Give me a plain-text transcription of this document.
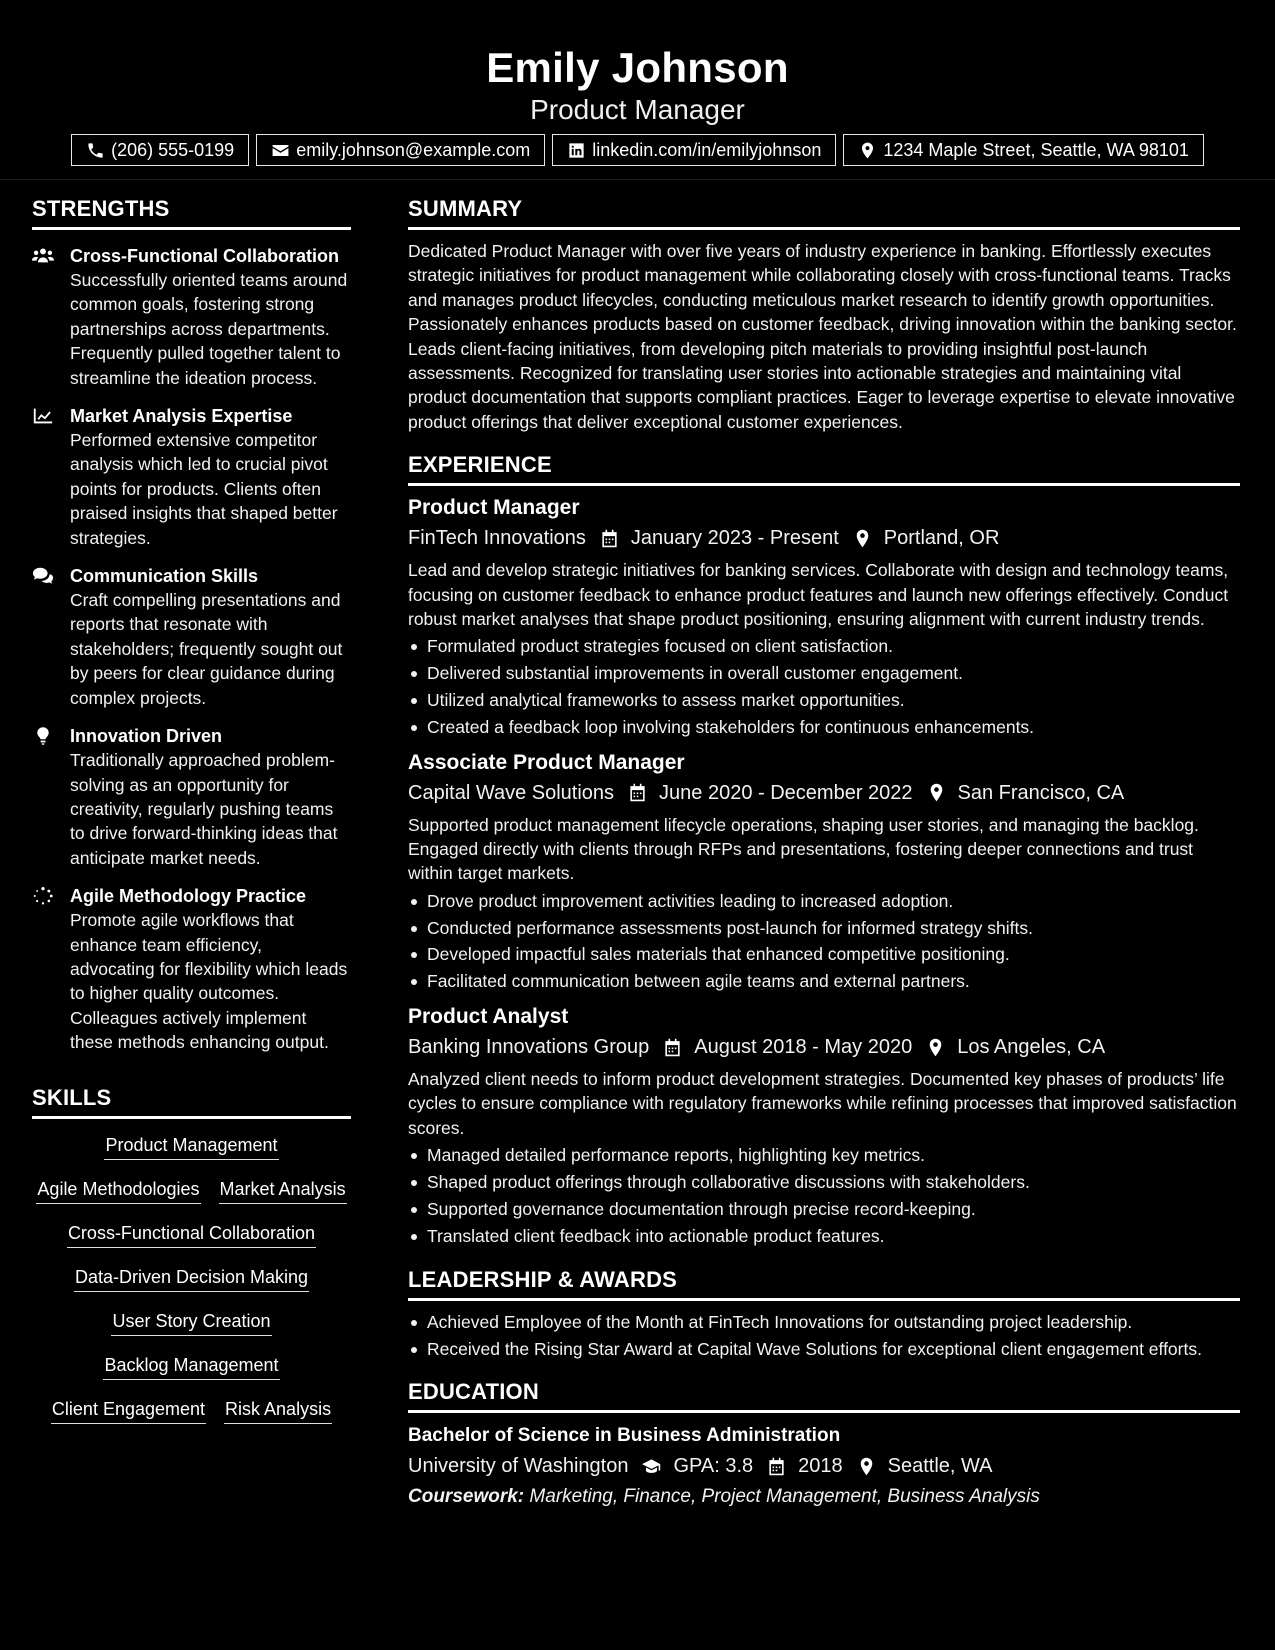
Emily Johnson
Product Manager
(206) 555-0199	emily.johnson@example.com	linkedin.com/in/emilyjohnson	1234 Maple Street, Seattle, WA 98101
STRENGTHS
Cross-Functional Collaboration
Successfully oriented teams around common goals, fostering strong partnerships across departments. Frequently pulled together talent to streamline the ideation process.
Market Analysis Expertise
Performed extensive competitor analysis which led to crucial pivot points for products. Clients often praised insights that shaped better strategies.
Communication Skills
Craft compelling presentations and reports that resonate with stakeholders; frequently sought out by peers for clear guidance during complex projects.
Innovation Driven
Traditionally approached problem-solving as an opportunity for creativity, regularly pushing teams to drive forward-thinking ideas that anticipate market needs.
Agile Methodology Practice
Promote agile workflows that enhance team efficiency, advocating for flexibility which leads to higher quality outcomes. Colleagues actively implement these methods enhancing output.
SKILLS
Product Management
Agile Methodologies Market Analysis
Cross-Functional Collaboration
Data-Driven Decision Making
User Story Creation
Backlog Management
Client Engagement Risk Analysis
SUMMARY
Dedicated Product Manager with over five years of industry experience in banking. Effortlessly executes strategic initiatives for product management while collaborating closely with cross-functional teams. Tracks and manages product lifecycles, conducting meticulous market research to identify growth opportunities. Passionately enhances products based on customer feedback, driving innovation within the banking sector. Leads client-facing initiatives, from developing pitch materials to providing insightful post-launch assessments. Recognized for translating user stories into actionable strategies and maintaining vital product documentation that supports compliant practices. Eager to leverage expertise to elevate innovative product offerings that deliver exceptional customer experiences.
EXPERIENCE
Product Manager
FinTech Innovations January 2023 - Present Portland, OR
Lead and develop strategic initiatives for banking services. Collaborate with design and technology teams, focusing on customer feedback to enhance product features and launch new offerings effectively. Conduct robust market analyses that shape product positioning, ensuring alignment with current industry trends.
Formulated product strategies focused on client satisfaction.
Delivered substantial improvements in overall customer engagement.
Utilized analytical frameworks to assess market opportunities.
Created a feedback loop involving stakeholders for continuous enhancements.
Associate Product Manager
Capital Wave Solutions June 2020 - December 2022 San Francisco, CA
Supported product management lifecycle operations, shaping user stories, and managing the backlog. Engaged directly with clients through RFPs and presentations, fostering deeper connections and trust within target markets.
Drove product improvement activities leading to increased adoption.
Conducted performance assessments post-launch for informed strategy shifts.
Developed impactful sales materials that enhanced competitive positioning.
Facilitated communication between agile teams and external partners.
Product Analyst
Banking Innovations Group August 2018 - May 2020 Los Angeles, CA
Analyzed client needs to inform product development strategies. Documented key phases of products’ life cycles to ensure compliance with regulatory frameworks while refining processes that improved satisfaction scores.
Managed detailed performance reports, highlighting key metrics.
Shaped product offerings through collaborative discussions with stakeholders.
Supported governance documentation through precise record-keeping.
Translated client feedback into actionable product features.
LEADERSHIP & AWARDS
Achieved Employee of the Month at FinTech Innovations for outstanding project leadership.
Received the Rising Star Award at Capital Wave Solutions for exceptional client engagement efforts.
EDUCATION
Bachelor of Science in Business Administration
University of Washington GPA: 3.8 2018 Seattle, WA
Coursework: Marketing, Finance, Project Management, Business Analysis
